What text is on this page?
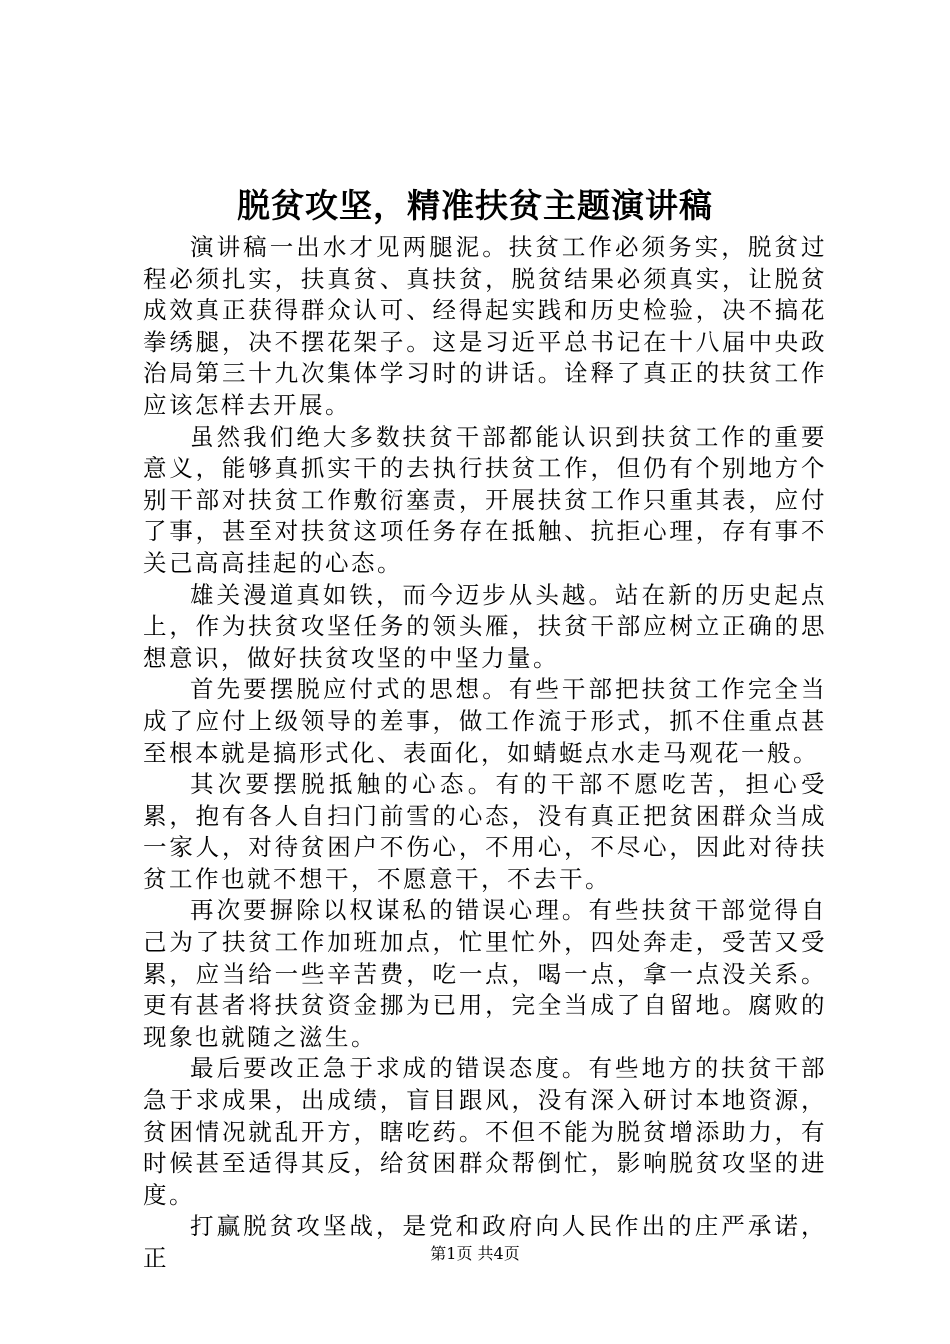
脱贫攻坚，精准扶贫主题演讲稿

演讲稿一出水才见两腿泥。扶贫工作必须务实，脱贫过程必须扎实，扶真贫、真扶贫，脱贫结果必须真实，让脱贫成效真正获得群众认可、经得起实践和历史检验，决不搞花拳绣腿，决不摆花架子。这是习近平总书记在十八届中央政治局第三十九次集体学习时的讲话。诠释了真正的扶贫工作应该怎样去开展。

虽然我们绝大多数扶贫干部都能认识到扶贫工作的重要意义，能够真抓实干的去执行扶贫工作，但仍有个别地方个别干部对扶贫工作敷衍塞责，开展扶贫工作只重其表，应付了事，甚至对扶贫这项任务存在抵触、抗拒心理，存有事不关己高高挂起的心态。

雄关漫道真如铁，而今迈步从头越。站在新的历史起点上，作为扶贫攻坚任务的领头雁，扶贫干部应树立正确的思想意识，做好扶贫攻坚的中坚力量。

首先要摆脱应付式的思想。有些干部把扶贫工作完全当成了应付上级领导的差事，做工作流于形式，抓不住重点甚至根本就是搞形式化、表面化，如蜻蜓点水走马观花一般。

其次要摆脱抵触的心态。有的干部不愿吃苦，担心受累，抱有各人自扫门前雪的心态，没有真正把贫困群众当成一家人，对待贫困户不伤心，不用心，不尽心，因此对待扶贫工作也就不想干，不愿意干，不去干。

再次要摒除以权谋私的错误心理。有些扶贫干部觉得自己为了扶贫工作加班加点，忙里忙外，四处奔走，受苦又受累，应当给一些辛苦费，吃一点，喝一点，拿一点没关系。更有甚者将扶贫资金挪为已用，完全当成了自留地。腐败的现象也就随之滋生。

最后要改正急于求成的错误态度。有些地方的扶贫干部急于求成果，出成绩，盲目跟风，没有深入研讨本地资源，贫困情况就乱开方，瞎吃药。不但不能为脱贫增添助力，有时候甚至适得其反，给贫困群众帮倒忙，影响脱贫攻坚的进度。

打赢脱贫攻坚战，是党和政府向人民作出的庄严承诺，正	第1页 共4页
